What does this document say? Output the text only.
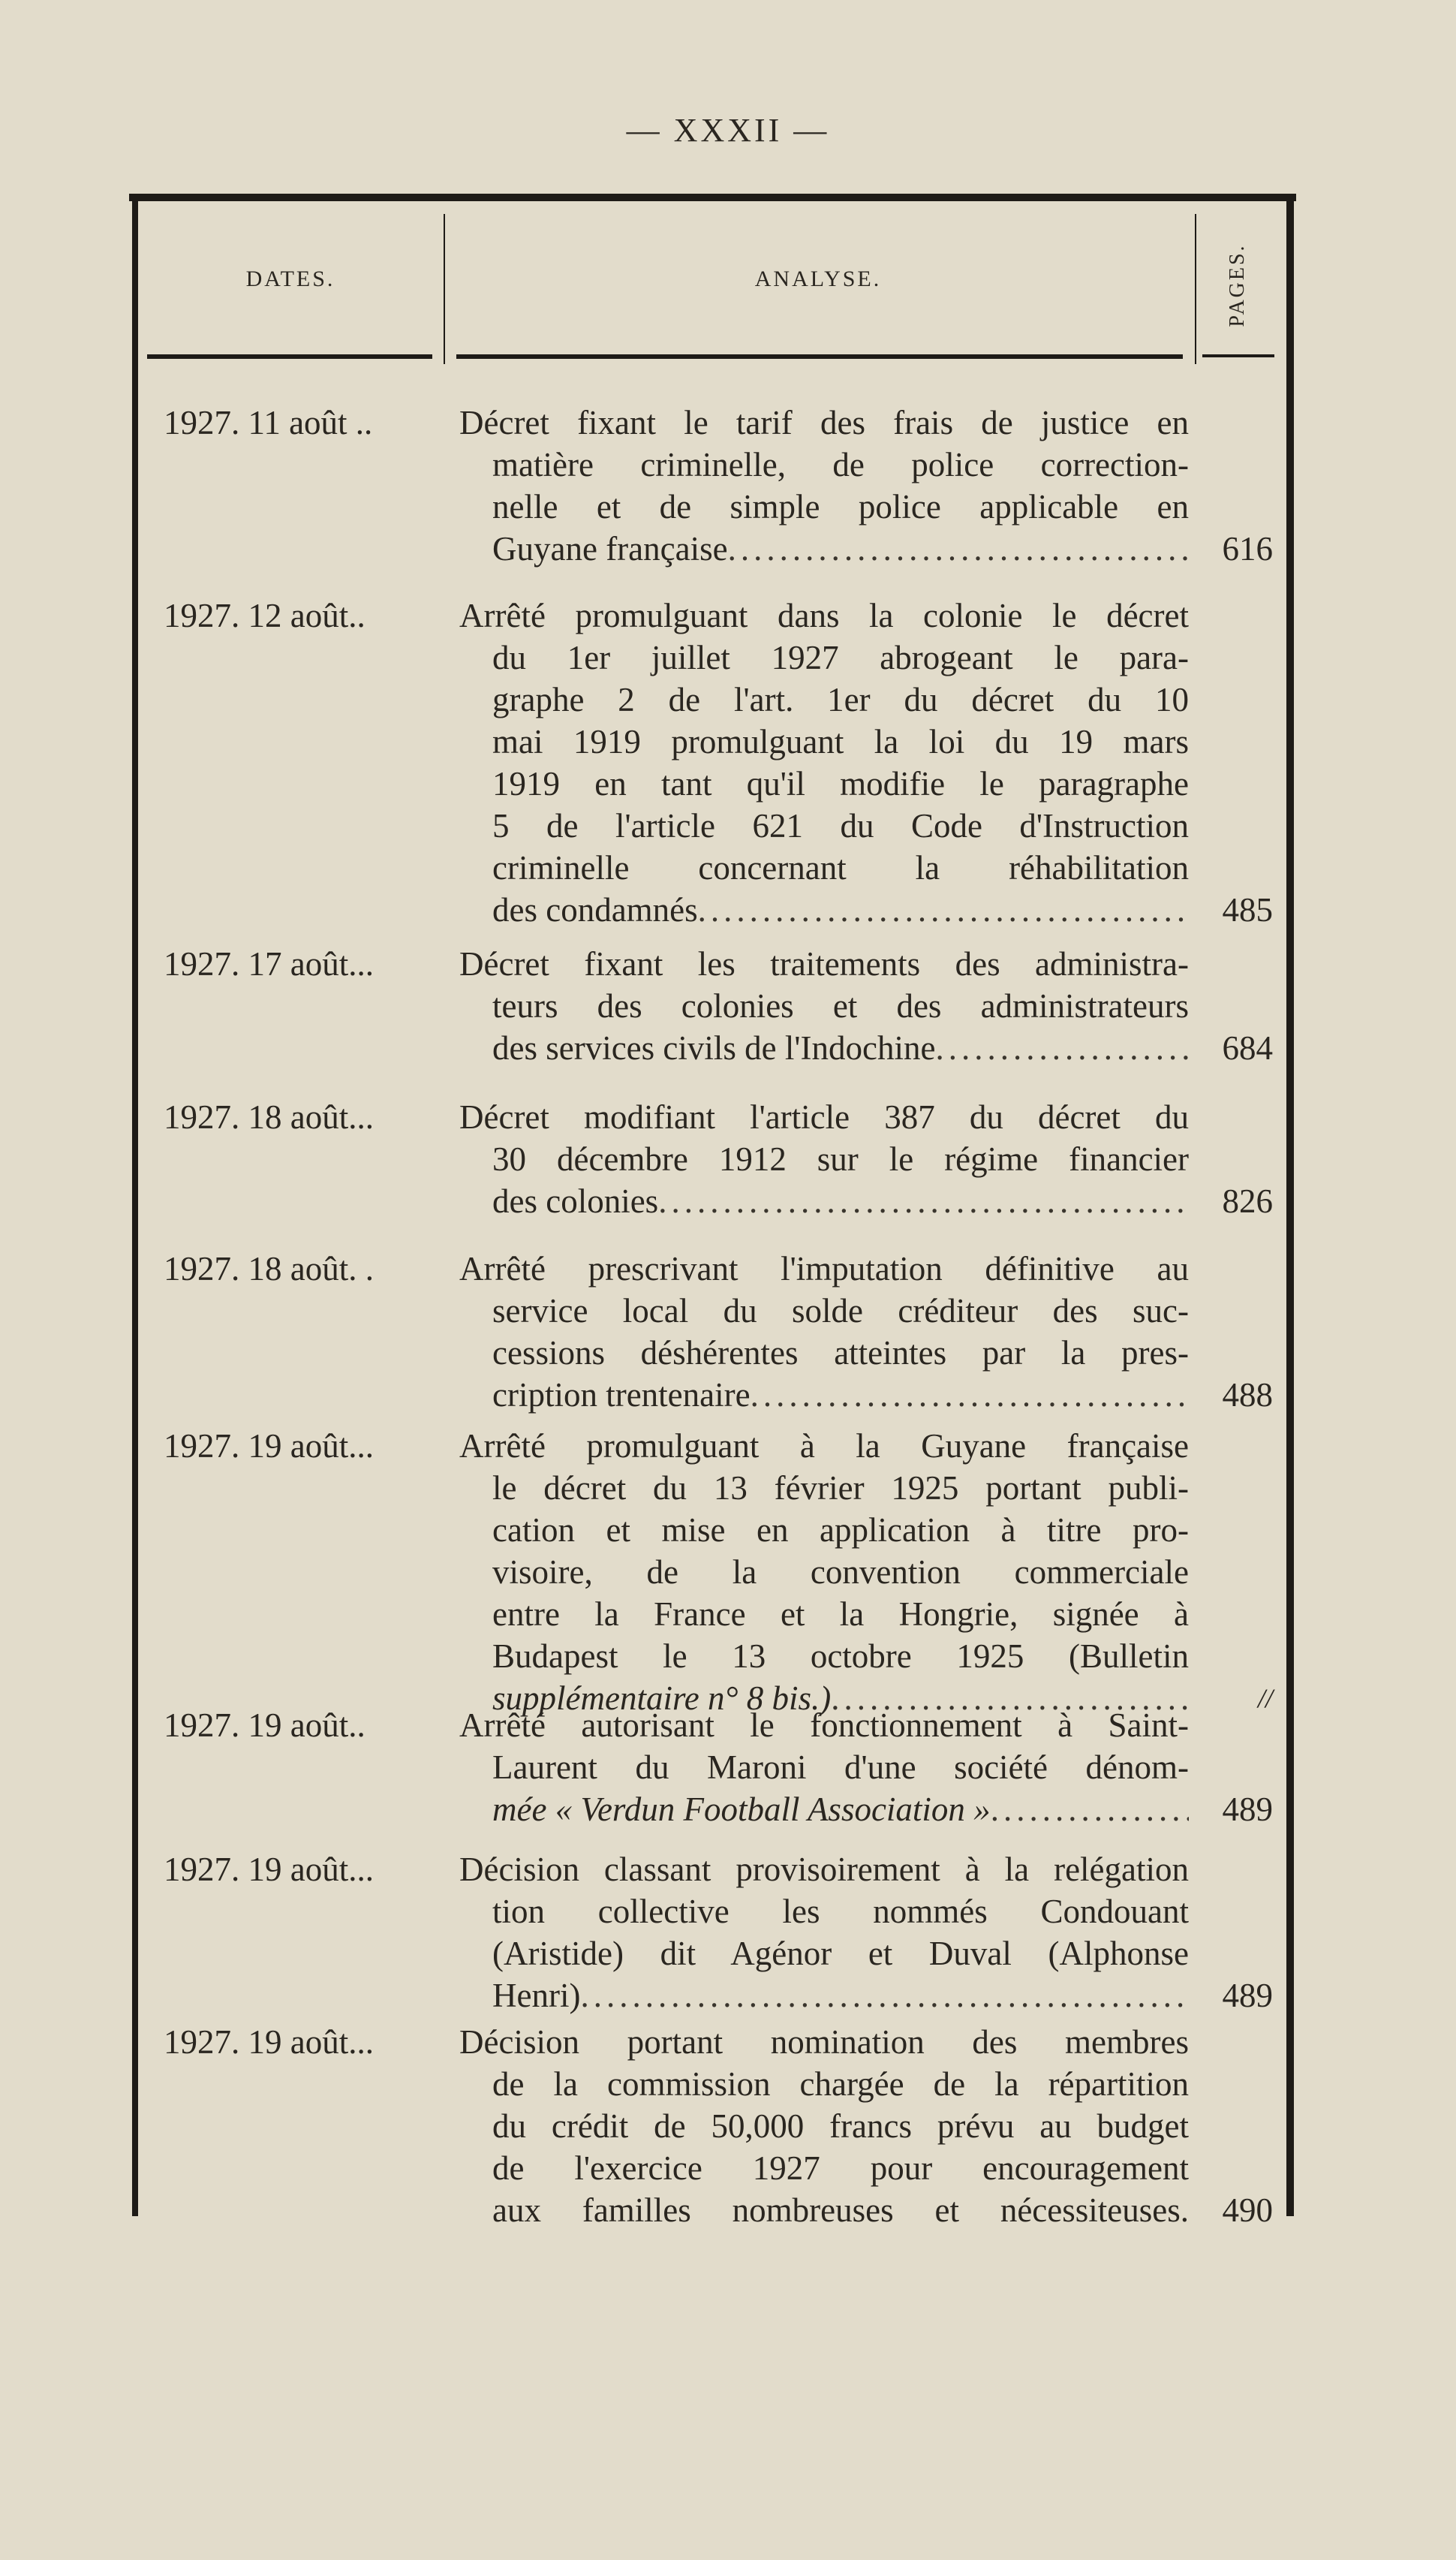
— XXXII —
DATES.	ANALYSE.	PAGES.
1927. 11 août ..	Décret fixant le tarif des frais de justice en
matière criminelle, de police correction-
nelle et de simple police applicable en
Guyane française .....	616
1927. 12 août..	Arrêté promulguant dans la colonie le décret
du 1er juillet 1927 abrogeant le para-
graphe 2 de l'art. 1er du décret du 10
mai 1919 promulguant la loi du 19 mars
1919 en tant qu'il modifie le paragraphe
5 de l'article 621 du Code d'Instruction
criminelle concernant la réhabilitation
des condamnés .....	485
1927. 17 août...	Décret fixant les traitements des administra-
teurs des colonies et des administrateurs
des services civils de l'Indochine .....	684
1927. 18 août...	Décret modifiant l'article 387 du décret du
30 décembre 1912 sur le régime financier
des colonies .....	826
1927. 18 août. .	Arrêté prescrivant l'imputation définitive au
service local du solde créditeur des suc-
cessions déshérentes atteintes par la pres-
cription trentenaire .....	488
1927. 19 août...	Arrêté promulguant à la Guyane française
le décret du 13 février 1925 portant publi-
cation et mise en application à titre pro-
visoire, de la convention commerciale
entre la France et la Hongrie, signée à
Budapest le 13 octobre 1925 (Bulletin
supplémentaire n° 8 bis.) .....	//
1927. 19 août..	Arrêté autorisant le fonctionnement à Saint-
Laurent du Maroni d'une société dénom-
mée « Verdun Football Association » .....	489
1927. 19 août...	Décision classant provisoirement à la relégation
tion collective les nommés Condouant
(Aristide) dit Agénor et Duval (Alphonse
Henri) .....	489
1927. 19 août...	Décision portant nomination des membres
de la commission chargée de la répartition
du crédit de 50,000 francs prévu au budget
de l'exercice 1927 pour encouragement
aux familles nombreuses et nécessiteuses. 490
